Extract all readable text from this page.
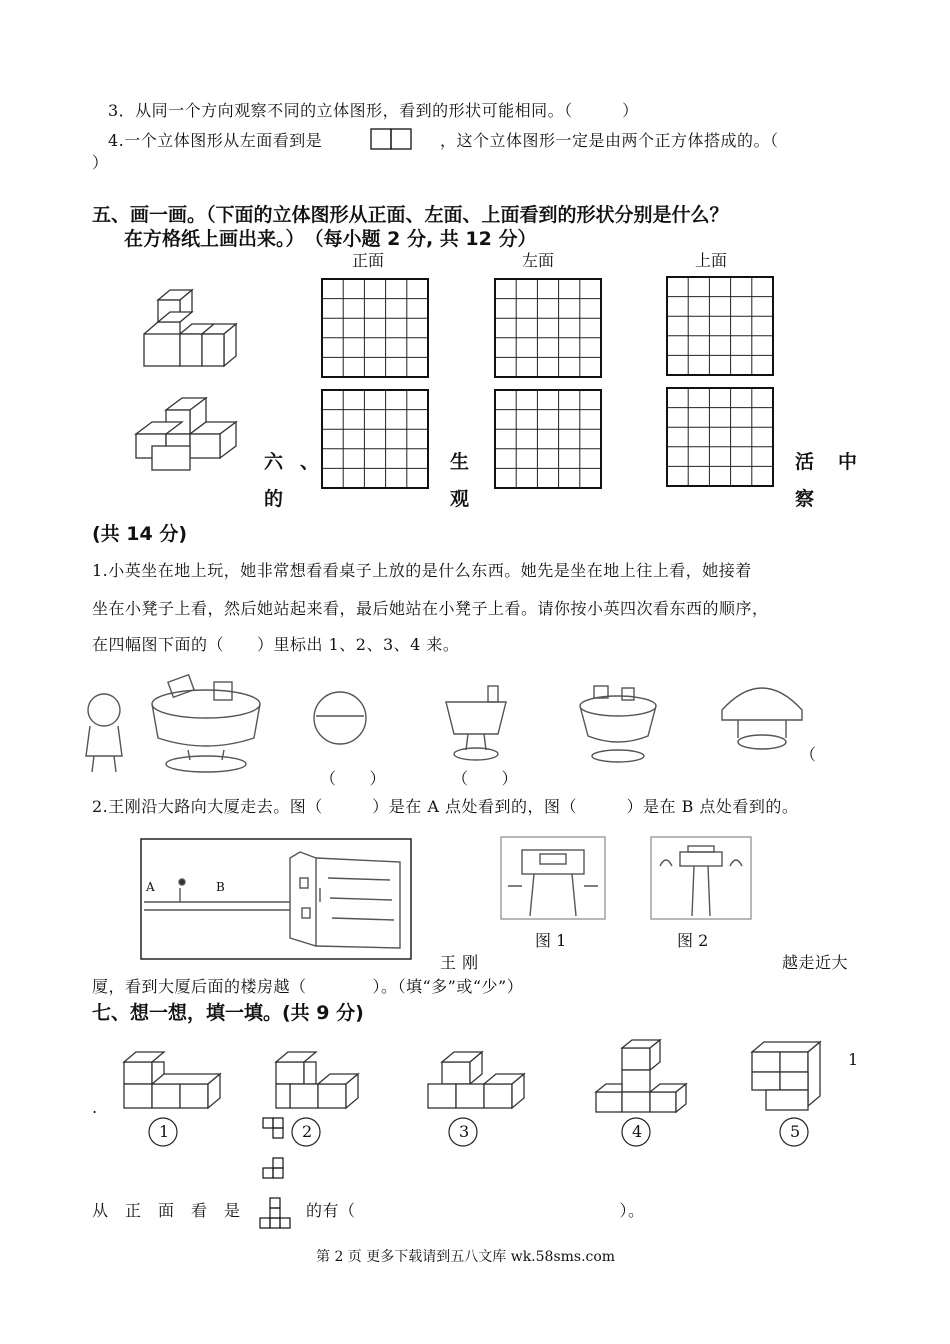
3．从同一个方向观察不同的立体图形，看到的形状可能相同。（　　　）
4.一个立体图形从左面看到是	，这个立体图形一定是由两个正方体搭成的。（
）
五、画一画。（下面的立体图形从正面、左面、上面看到的形状分别是什么？
在方格纸上画出来。）　（每小题 2 分, 共 12 分）
正面	左面	上面
六 、	生	活 中
的	观	察
(共 14 分)
1.小英坐在地上玩，她非常想看看桌子上放的是什么东西。她先是坐在地上往上看，她接着
坐在小凳子上看，然后她站起来看，最后她站在小凳子上看。请你按小英四次看东西的顺序，
在四幅图下面的（　　）里标出 1、2、3、4 来。
（　　）	（　　）
（
2.王刚沿大路向大厦走去。图（　　　）是在 A 点处看到的，图（　　　）是在 B 点处看到的。
A	B
图 1	图 2
王 刚	越走近大
厦，看到大厦后面的楼房越（　　　　）。（填“多”或“少”）
七、想一想，填一填。(共 9 分)
1	2	3	4	5
1
.
从　正　面　看　是	的有（　　　　　　　　　　　　　　　　）。
第 2 页 更多下载请到五八文库 wk.58sms.com
